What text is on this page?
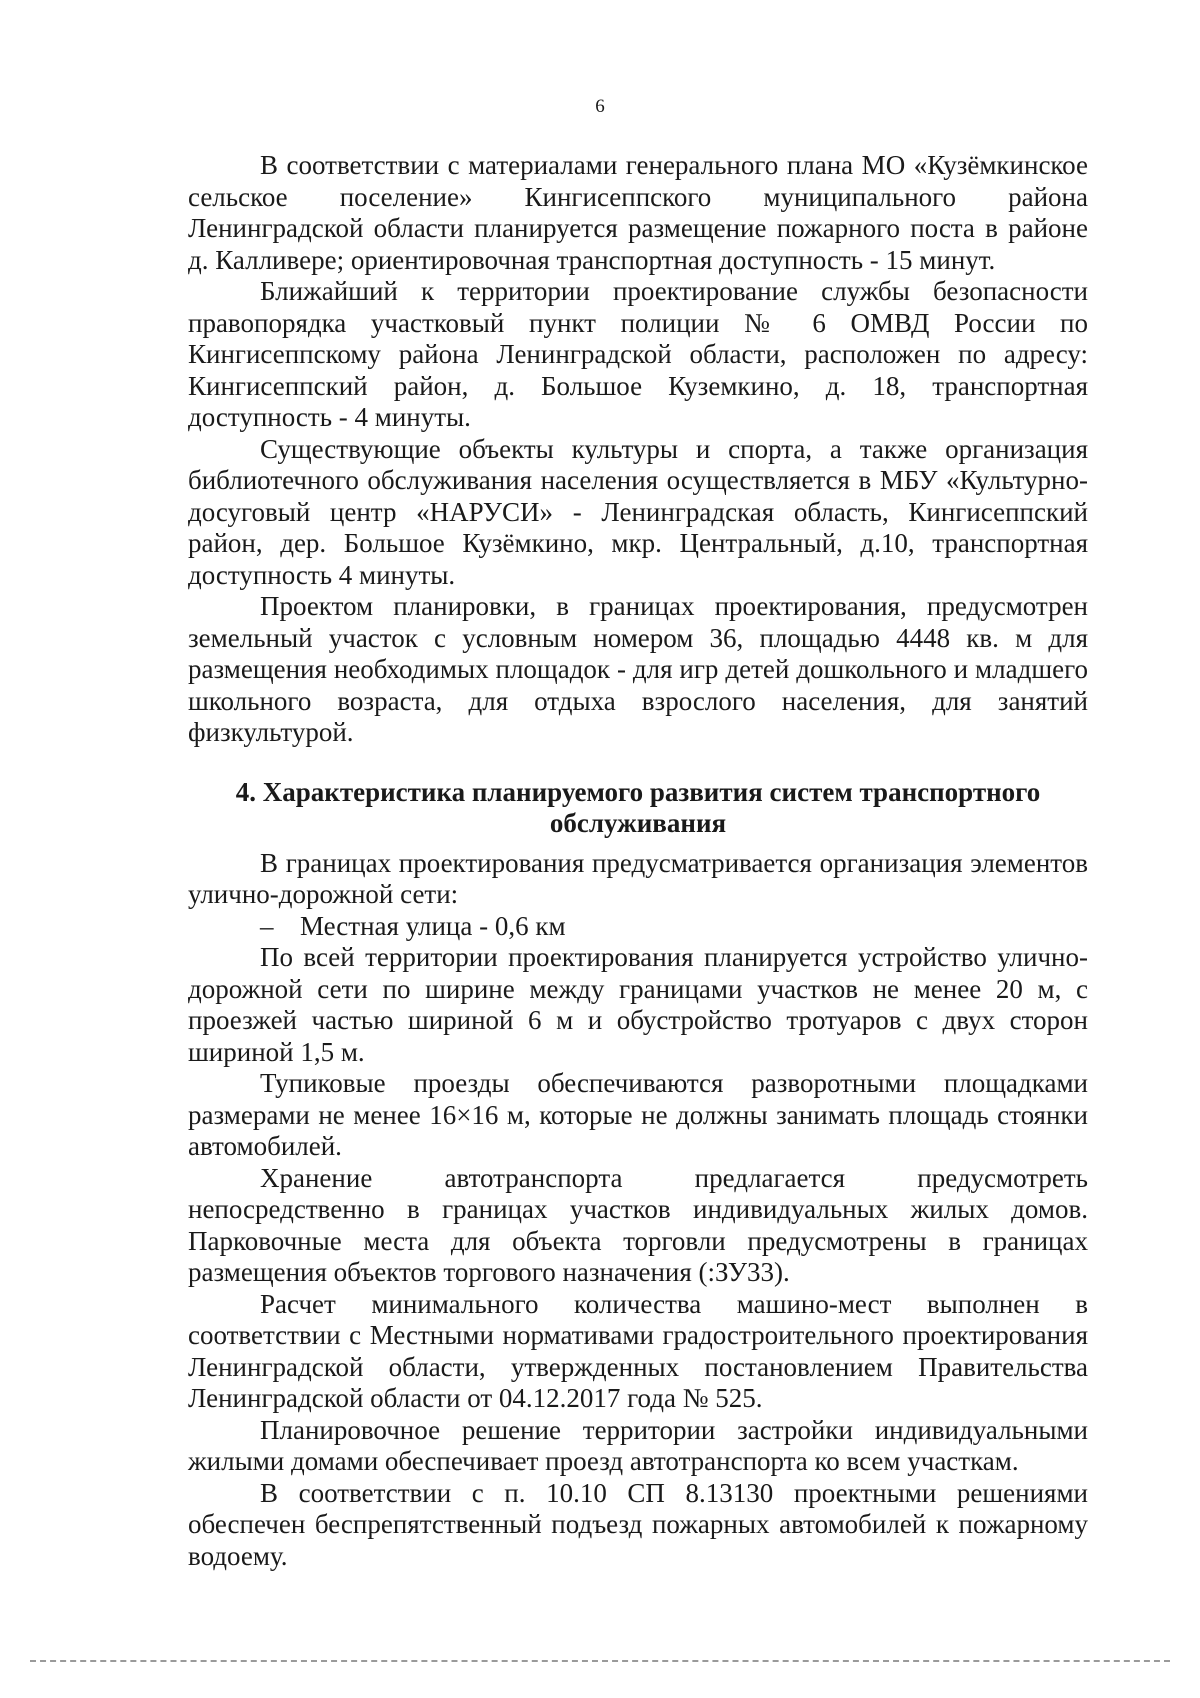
6

В соответствии с материалами генерального плана МО «Кузёмкинское сельское поселение» Кингисеппского муниципального района Ленинградской области планируется размещение пожарного поста в районе д. Калливере; ориентировочная транспортная доступность - 15 минут.

Ближайший к территории проектирование службы безопасности правопорядка участковый пункт полиции № 6 ОМВД России по Кингисеппскому района Ленинградской области, расположен по адресу: Кингисеппский район, д. Большое Куземкино, д. 18, транспортная доступность - 4 минуты.

Существующие объекты культуры и спорта, а также организация библиотечного обслуживания населения осуществляется в МБУ «Культурно-досуговый центр «НАРУСИ» - Ленинградская область, Кингисеппский район, дер. Большое Кузёмкино, мкр. Центральный, д.10, транспортная доступность 4 минуты.

Проектом планировки, в границах проектирования, предусмотрен земельный участок с условным номером 36, площадью 4448 кв. м для размещения необходимых площадок - для игр детей дошкольного и младшего школьного возраста, для отдыха взрослого населения, для занятий физкультурой.

4. Характеристика планируемого развития систем транспортного обслуживания

В границах проектирования предусматривается организация элементов улично-дорожной сети:

– Местная улица - 0,6 км

По всей территории проектирования планируется устройство улично-дорожной сети по ширине между границами участков не менее 20 м, с проезжей частью шириной 6 м и обустройство тротуаров с двух сторон шириной 1,5 м.

Тупиковые проезды обеспечиваются разворотными площадками размерами не менее 16×16 м, которые не должны занимать площадь стоянки автомобилей.

Хранение автотранспорта предлагается предусмотреть непосредственно в границах участков индивидуальных жилых домов. Парковочные места для объекта торговли предусмотрены в границах размещения объектов торгового назначения (:ЗУ33).

Расчет минимального количества машино-мест выполнен в соответствии с Местными нормативами градостроительного проектирования Ленинградской области, утвержденных постановлением Правительства Ленинградской области от 04.12.2017 года № 525.

Планировочное решение территории застройки индивидуальными жилыми домами обеспечивает проезд автотранспорта ко всем участкам.

В соответствии с п. 10.10 СП 8.13130 проектными решениями обеспечен беспрепятственный подъезд пожарных автомобилей к пожарному водоему.
